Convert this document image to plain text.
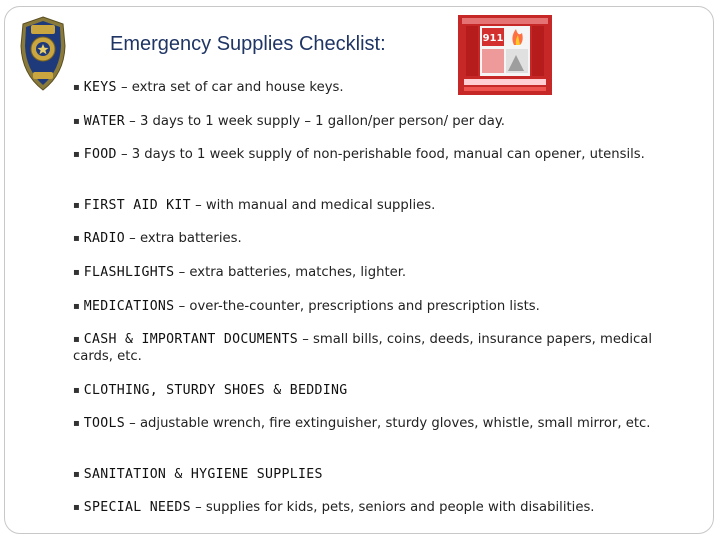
Emergency Supplies Checklist:	911
▪ KEYS – extra set of car and house keys.
▪ WATER – 3 days to 1 week supply – 1 gallon/per person/ per day.
▪ FOOD – 3 days to 1 week supply of non-perishable food, manual can opener, utensils.
▪ FIRST AID KIT – with manual and medical supplies.
▪ RADIO – extra batteries.
▪ FLASHLIGHTS – extra batteries, matches, lighter.
▪ MEDICATIONS – over-the-counter, prescriptions and prescription lists.
▪ CASH & IMPORTANT DOCUMENTS – small bills, coins, deeds, insurance papers, medical cards, etc.
▪ CLOTHING, STURDY SHOES & BEDDING
▪ TOOLS – adjustable wrench, fire extinguisher, sturdy gloves, whistle, small mirror, etc.
▪ SANITATION & HYGIENE SUPPLIES
▪ SPECIAL NEEDS – supplies for kids, pets, seniors and people with disabilities.
